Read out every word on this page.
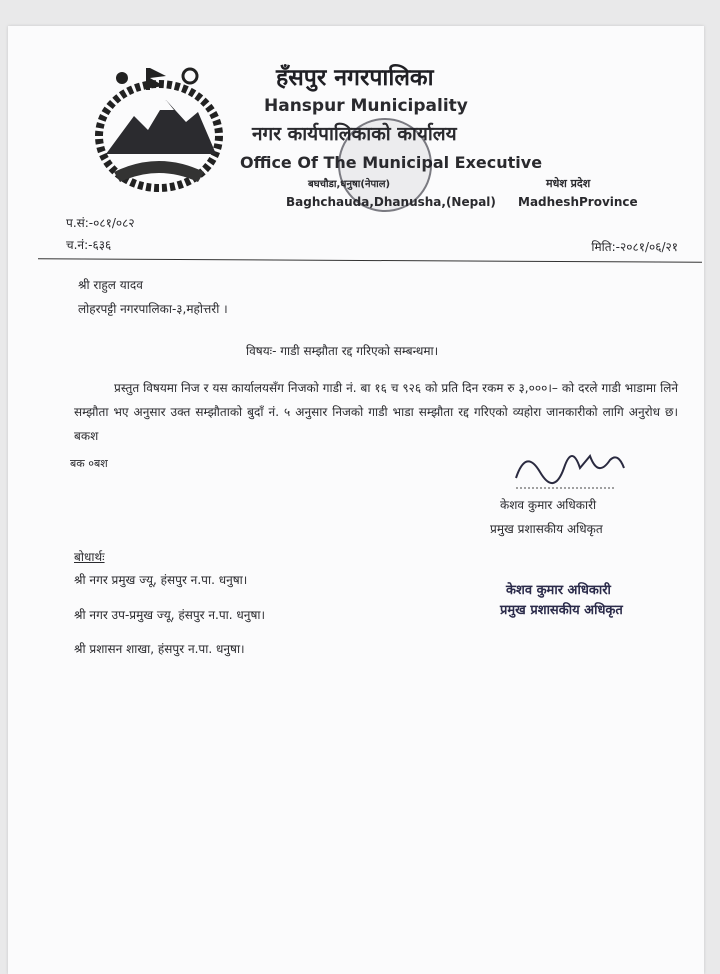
हँसपुर नगरपालिका
Hanspur Municipality
नगर कार्यपालिकाको कार्यालय
Office Of The Municipal Executive
बघचौडा,धनुषा(नेपाल)	मधेश प्रदेश
Baghchauda,Dhanusha,(Nepal) MadheshProvince
प.सं:-०८१/०८२
च.नं:-६३६	मिति:-२०८१/०६/२१
श्री राहुल यादव
लोहरपट्टी नगरपालिका-३,महोत्तरी ।
विषयः- गाडी सम्झौता रद्द गरिएको सम्बन्धमा।
प्रस्तुत विषयमा निज र यस कार्यालयसँग निजको गाडी नं. बा १६ च ९२६ को प्रति दिन रकम रु ३,०००।– को दरले गाडी भाडामा लिने सम्झौता भए अनुसार उक्त सम्झौताको बुदाँ नं. ५ अनुसार निजको गाडी भाडा सम्झौता रद्द गरिएको व्यहोरा जानकारीको लागि अनुरोध छ। बकश
बक ०बश
केशव कुमार अधिकारी
प्रमुख प्रशासकीय अधिकृत
बोधार्थः
श्री नगर प्रमुख ज्यू, हंसपुर न.पा. धनुषा।
श्री नगर उप-प्रमुख ज्यू, हंसपुर न.पा. धनुषा।
श्री प्रशासन शाखा, हंसपुर न.पा. धनुषा।
केशव कुमार अधिकारी
प्रमुख प्रशासकीय अधिकृत
